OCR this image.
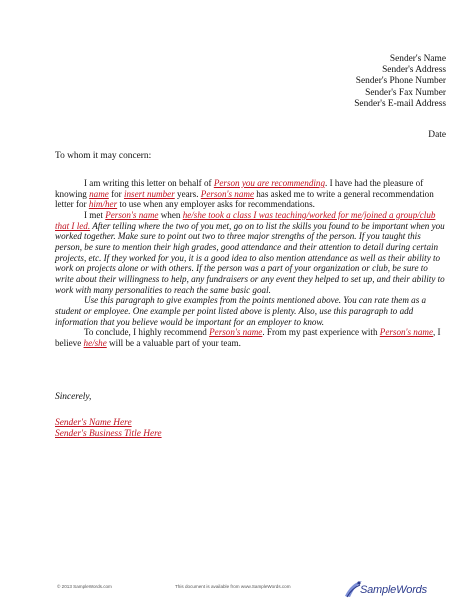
Sender's Name
Sender's Address
Sender's Phone Number
Sender's Fax Number
Sender's E-mail Address
Date
To whom it may concern:

I am writing this letter on behalf of Person you are recommending. I have had the pleasure of knowing name for insert number years. Person's name has asked me to write a general recommendation letter for him/her to use when any employer asks for recommendations.

I met Person's name when he/she took a class I was teaching/worked for me/joined a group/club that I led. After telling where the two of you met, go on to list the skills you found to be important when you worked together. Make sure to point out two to three major strengths of the person. If you taught this person, be sure to mention their high grades, good attendance and their attention to detail during certain projects, etc. If they worked for you, it is a good idea to also mention attendance as well as their ability to work on projects alone or with others. If the person was a part of your organization or club, be sure to write about their willingness to help, any fundraisers or any event they helped to set up, and their ability to work with many personalities to reach the same basic goal.

Use this paragraph to give examples from the points mentioned above. You can rate them as a student or employee. One example per point listed above is plenty. Also, use this paragraph to add information that you believe would be important for an employer to know.

To conclude, I highly recommend Person's name. From my past experience with Person's name, I believe he/she will be a valuable part of your team.

Sincerely,
Sender's Name Here
Sender's Business Title Here
© 2013 SampleWords.com	This document is available from www.SampleWords.com	SampleWords
